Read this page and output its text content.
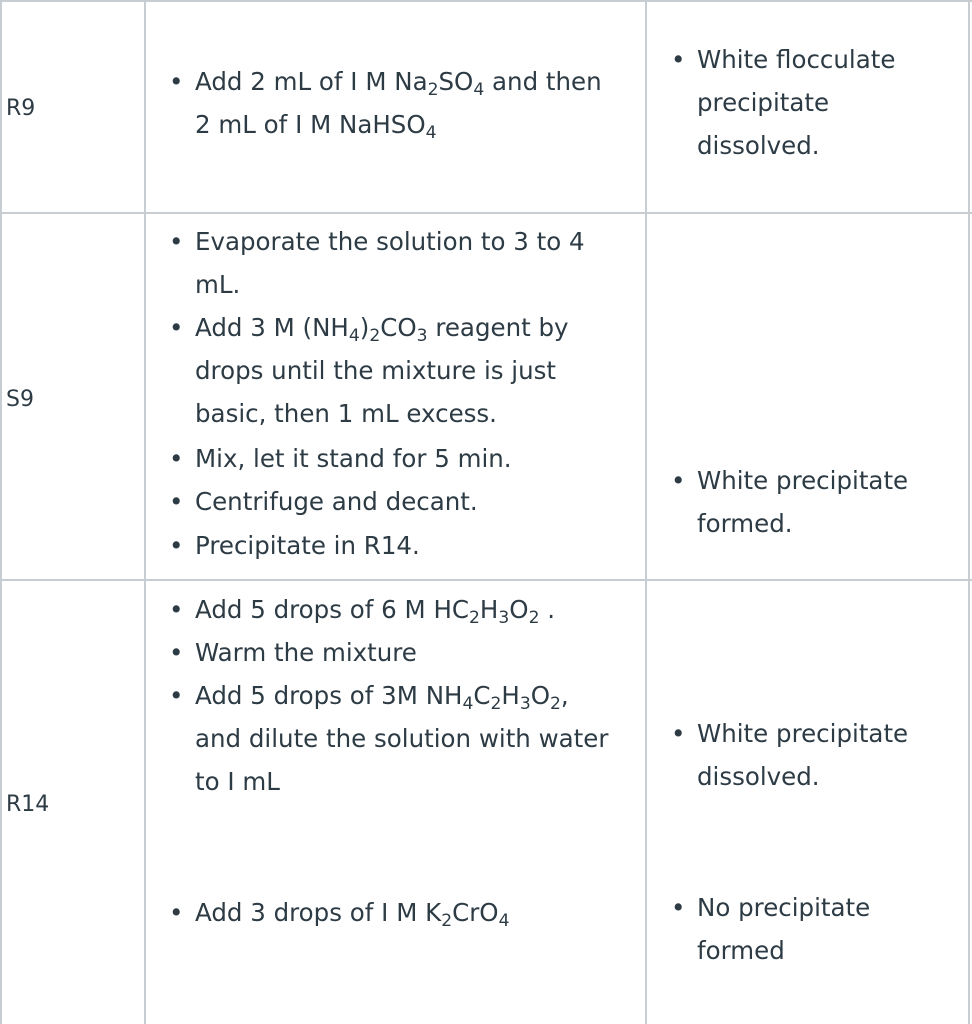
R9
• Add 2 mL of I M $Na_2SO_4$ and then
2 mL of I M NaHSO$_4$
• White flocculate
precipitate
dissolved.
S9
• Evaporate the solution to 3 to 4
mL.
• Add 3 M $(NH_4)_2CO_3$ reagent by
drops until the mixture is just
basic, then 1 mL excess.
• Mix, let it stand for 5 min.
• Centrifuge and decant.
• Precipitate in R14.
• White precipitate
formed.
R14
• Add 5 drops of 6 M $HC_2H_3O_2$ .
• Warm the mixture
• Add 5 drops of 3M $NH_4C_2H_3O_2$,
and dilute the solution with water
to I mL
• Add 3 drops of I M $K_2CrO_4$
• White precipitate
dissolved.
• No precipitate
formed
